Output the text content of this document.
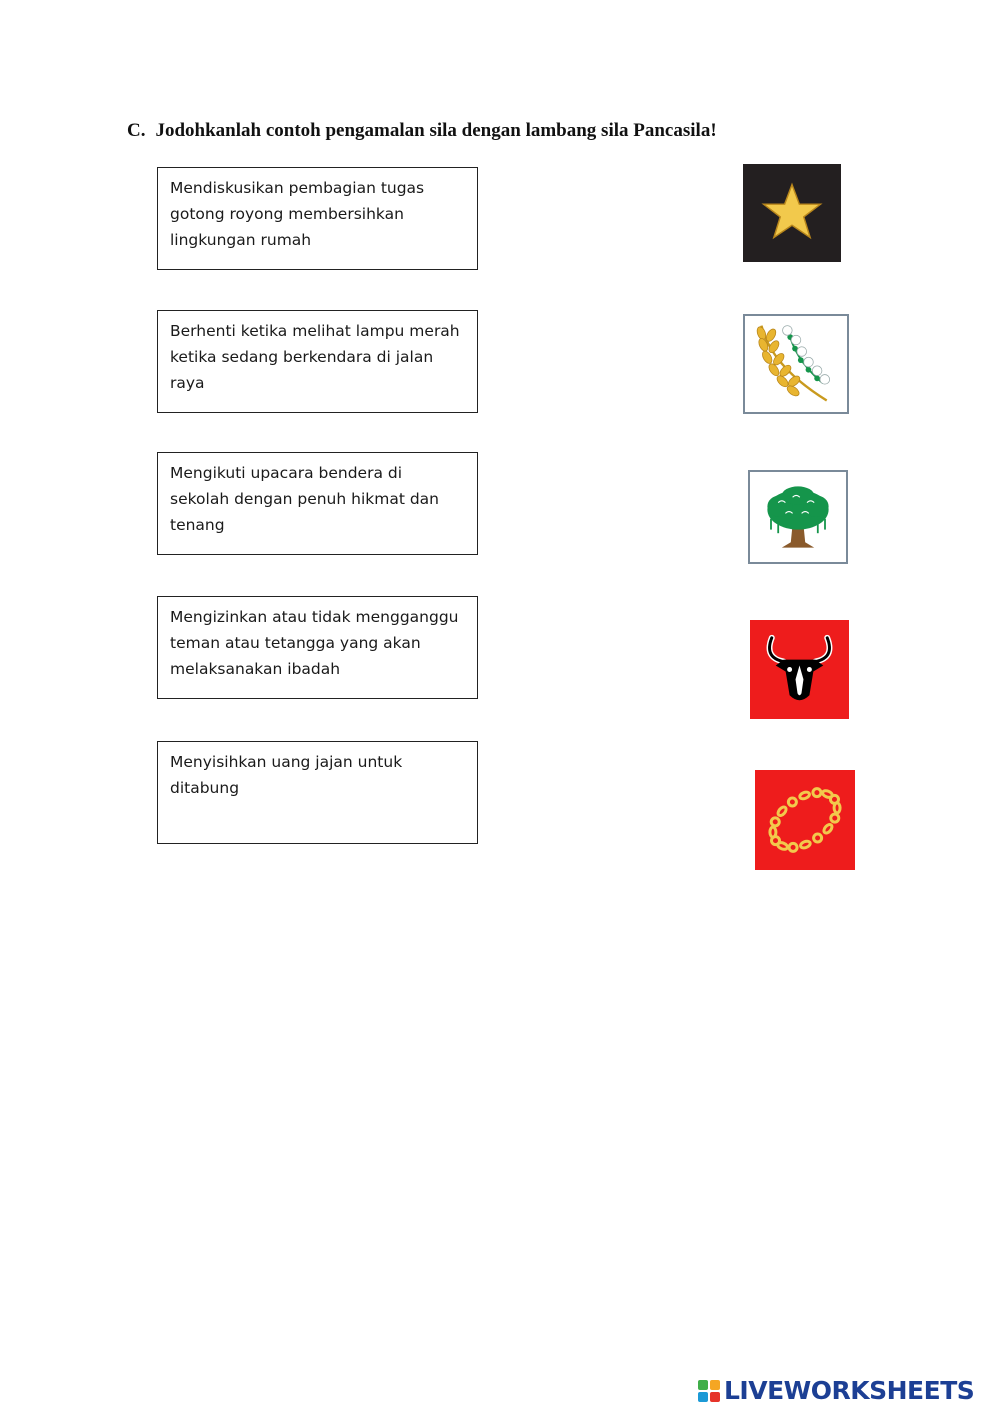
C. Jodohkanlah contoh pengamalan sila dengan lambang sila Pancasila!
Mendiskusikan pembagian tugas gotong royong membersihkan lingkungan rumah
Berhenti ketika melihat lampu merah ketika sedang berkendara di jalan raya
Mengikuti upacara bendera di sekolah dengan penuh hikmat dan tenang
Mengizinkan atau tidak mengganggu teman atau tetangga yang akan melaksanakan ibadah
Menyisihkan uang jajan untuk ditabung
LIVEWORKSHEETS
